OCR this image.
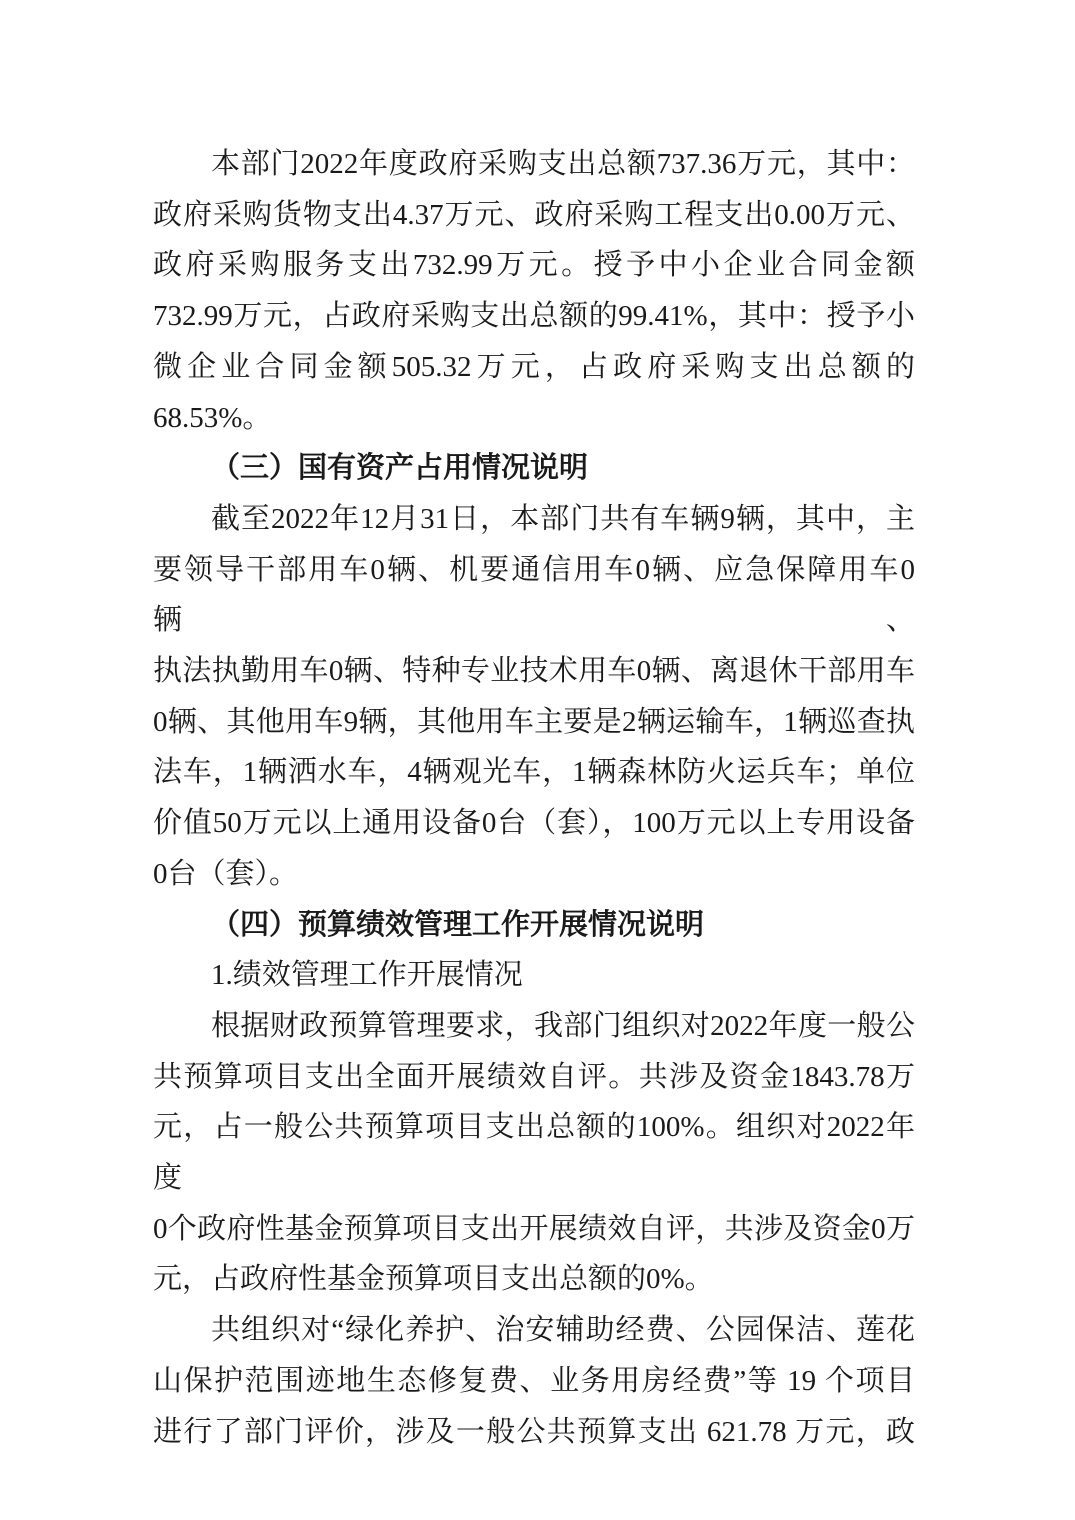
本部门2022年度政府采购支出总额737.36万元，其中：
政府采购货物支出4.37万元、政府采购工程支出0.00万元、
政府采购服务支出732.99万元。授予中小企业合同金额
732.99万元，占政府采购支出总额的99.41%，其中：授予小
微企业合同金额505.32万元，占政府采购支出总额的
68.53%。
（三）国有资产占用情况说明
截至2022年12月31日，本部门共有车辆9辆，其中，主
要领导干部用车0辆、机要通信用车0辆、应急保障用车0辆、
执法执勤用车0辆、特种专业技术用车0辆、离退休干部用车
0辆、其他用车9辆，其他用车主要是2辆运输车，1辆巡查执
法车，1辆洒水车，4辆观光车，1辆森林防火运兵车；单位
价值50万元以上通用设备0台（套），100万元以上专用设备
0台（套）。
（四）预算绩效管理工作开展情况说明
1.绩效管理工作开展情况
根据财政预算管理要求，我部门组织对2022年度一般公
共预算项目支出全面开展绩效自评。共涉及资金1843.78万
元，占一般公共预算项目支出总额的100%。组织对2022年度
0个政府性基金预算项目支出开展绩效自评，共涉及资金0万
元，占政府性基金预算项目支出总额的0%。
共组织对“绿化养护、治安辅助经费、公园保洁、莲花
山保护范围迹地生态修复费、业务用房经费”等 19 个项目
进行了部门评价，涉及一般公共预算支出 621.78 万元，政
